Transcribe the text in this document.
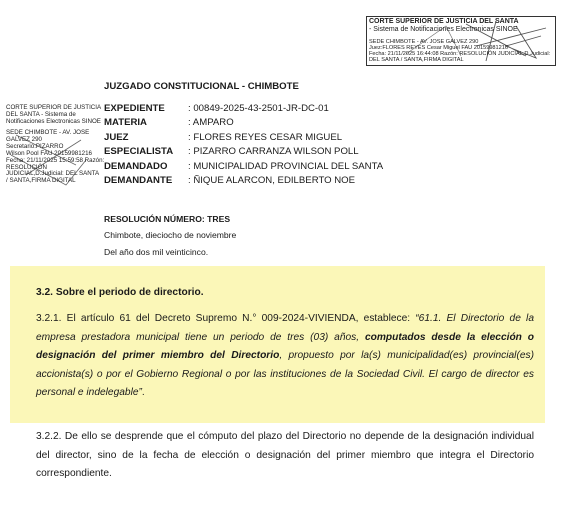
CORTE SUPERIOR DE JUSTICIA DEL SANTA
- Sistema de Notificaciones Electronicas SINOE
SEDE CHIMBOTE - AV. JOSE GALVEZ 290
Juez:FLORES REYES Cesar Miguel FAU 20159981216
Fecha: 21/11/2025 16:44:08 Razón: RESOLUCIÓN JUDICIAL,D.Judicial:
DEL SANTA / SANTA,FIRMA DIGITAL
CORTE SUPERIOR DE JUSTICIA
DEL SANTA - Sistema de
Notificaciones Electronicas SINOE
SEDE CHIMBOTE - AV. JOSE
GALVEZ 290
Secretario:PIZARRO
Wilson Pool FAU 20159981216
Fecha: 21/11/2025 15:59:58 Razón:
RESOLUCIÓN
JUDICIAL,D.Judicial: DEL SANTA
/ SANTA,FIRMA DIGITAL
JUZGADO CONSTITUCIONAL - CHIMBOTE
EXPEDIENTE	: 00849-2025-43-2501-JR-DC-01
MATERIA	: AMPARO
JUEZ	: FLORES REYES CESAR MIGUEL
ESPECIALISTA	: PIZARRO CARRANZA WILSON POLL
DEMANDADO	: MUNICIPALIDAD PROVINCIAL DEL SANTA
DEMANDANTE	: ÑIQUE ALARCON, EDILBERTO NOE
RESOLUCIÓN NÚMERO: TRES
Chimbote, dieciocho de noviembre
Del año dos mil veinticinco.
3.2. Sobre el periodo de directorio.
3.2.1. El artículo 61 del Decreto Supremo N.° 009-2024-VIVIENDA, establece: “61.1. El Directorio de la empresa prestadora municipal tiene un periodo de tres (03) años, computados desde la elección o designación del primer miembro del Directorio, propuesto por la(s) municipalidad(es) provincial(es) accionista(s) o por el Gobierno Regional o por las instituciones de la Sociedad Civil. El cargo de director es personal e indelegable”.
3.2.2. De ello se desprende que el cómputo del plazo del Directorio no depende de la designación individual del director, sino de la fecha de elección o designación del primer miembro que integra el Directorio correspondiente.
